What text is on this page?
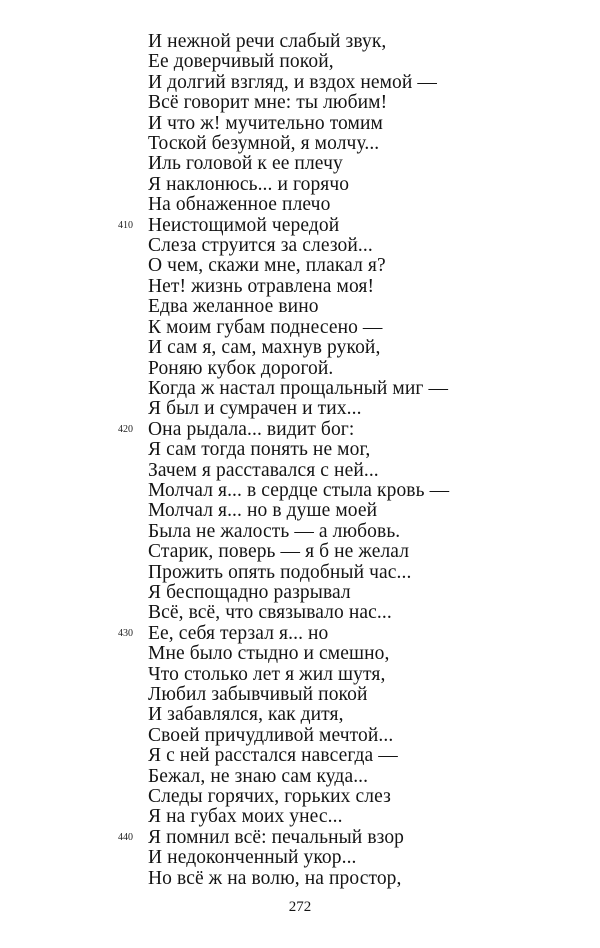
И нежной речи слабый звук,
Ее доверчивый покой,
И долгий взгляд, и вздох немой —
Всё говорит мне: ты любим!
И что ж! мучительно томим
Тоской безумной, я молчу...
Иль головой к ее плечу
Я наклонюсь... и горячо
На обнаженное плечо
410 Неистощимой чередой
Слеза струится за слезой...
О чем, скажи мне, плакал я?
Нет! жизнь отравлена моя!
Едва желанное вино
К моим губам поднесено —
И сам я, сам, махнув рукой,
Роняю кубок дорогой.
Когда ж настал прощальный миг —
Я был и сумрачен и тих...
420 Она рыдала... видит бог:
Я сам тогда понять не мог,
Зачем я расставался с ней...
Молчал я... в сердце стыла кровь —
Молчал я... но в душе моей
Была не жалость — а любовь.
Старик, поверь — я б не желал
Прожить опять подобный час...
Я беспощадно разрывал
Всё, всё, что связывало нас...
430 Ее, себя терзал я... но
Мне было стыдно и смешно,
Что столько лет я жил шутя,
Любил забывчивый покой
И забавлялся, как дитя,
Своей причудливой мечтой...
Я с ней расстался навсегда —
Бежал, не знаю сам куда...
Следы горячих, горьких слез
Я на губах моих унес...
440 Я помнил всё: печальный взор
И недоконченный укор...
Но всё ж на волю, на простор,
272
